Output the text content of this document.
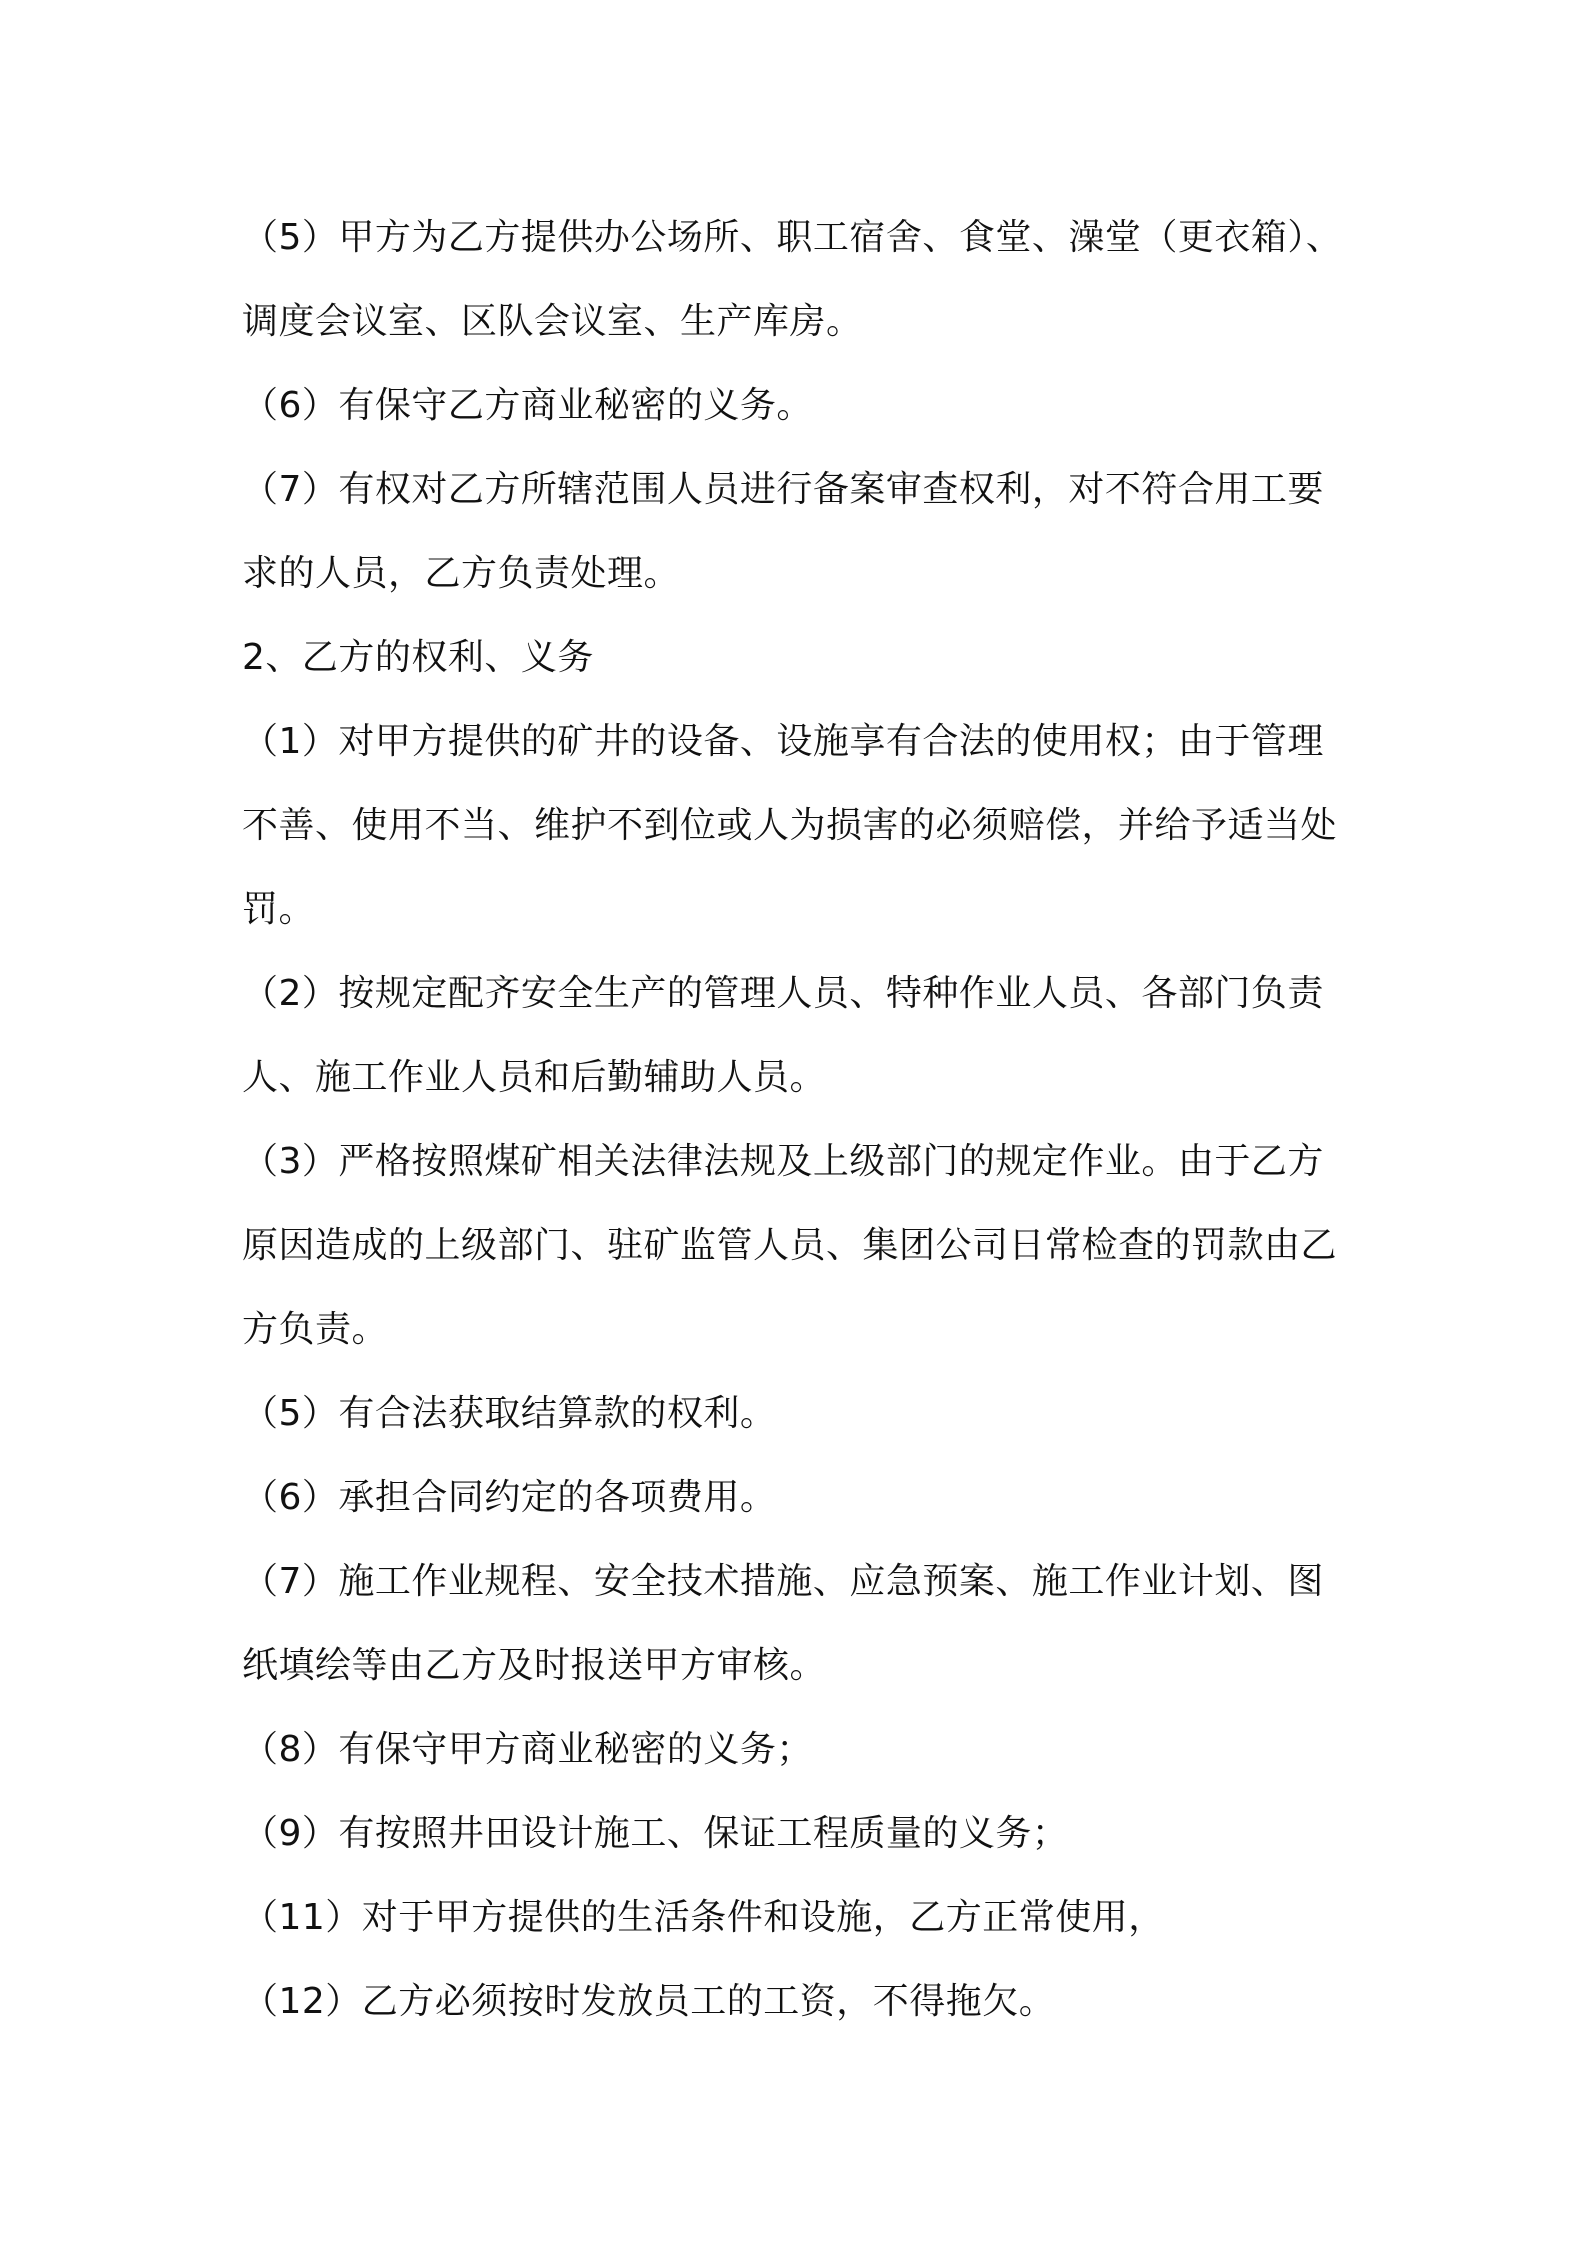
（5）甲方为乙方提供办公场所、职工宿舍、食堂、澡堂（更衣箱）、
调度会议室、区队会议室、生产库房。
（6）有保守乙方商业秘密的义务。
（7）有权对乙方所辖范围人员进行备案审查权利，对不符合用工要
求的人员，乙方负责处理。
2、乙方的权利、义务
（1）对甲方提供的矿井的设备、设施享有合法的使用权；由于管理
不善、使用不当、维护不到位或人为损害的必须赔偿，并给予适当处
罚。
（2）按规定配齐安全生产的管理人员、特种作业人员、各部门负责
人、施工作业人员和后勤辅助人员。
（3）严格按照煤矿相关法律法规及上级部门的规定作业。由于乙方
原因造成的上级部门、驻矿监管人员、集团公司日常检查的罚款由乙
方负责。
（5）有合法获取结算款的权利。
（6）承担合同约定的各项费用。
（7）施工作业规程、安全技术措施、应急预案、施工作业计划、图
纸填绘等由乙方及时报送甲方审核。
（8）有保守甲方商业秘密的义务；
（9）有按照井田设计施工、保证工程质量的义务；
（11）对于甲方提供的生活条件和设施，乙方正常使用，
（12）乙方必须按时发放员工的工资，不得拖欠。
